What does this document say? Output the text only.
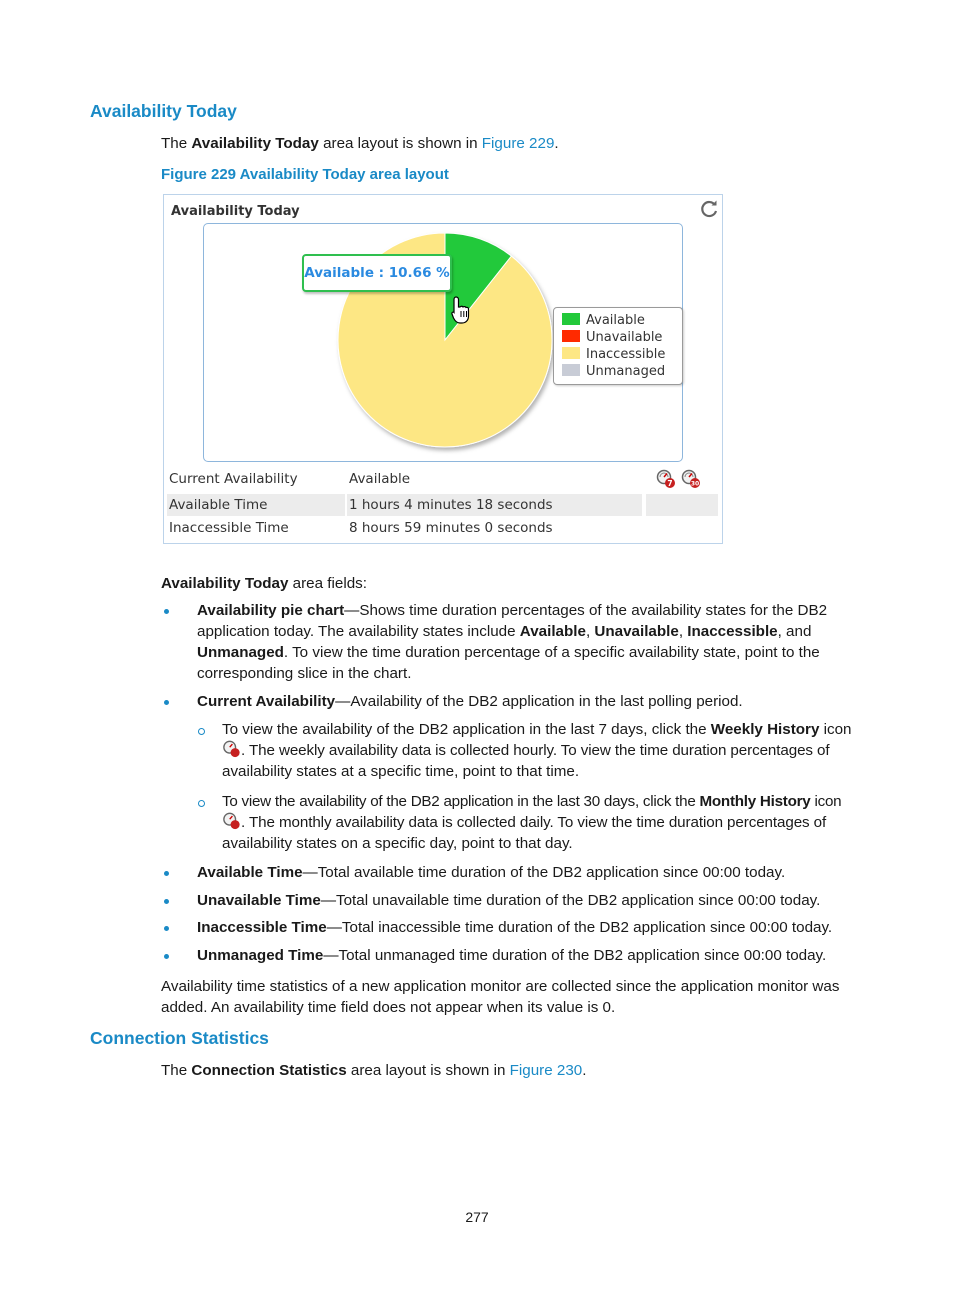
Availability Today

The Availability Today area layout is shown in Figure 229.

Figure 229 Availability Today area layout
Availability Today
Available : 10.66 %
Available
Unavailable
Inaccessible
Unmanaged
Current Availability	Available	7	30
Available Time	1 hours 4 minutes 18 seconds
Inaccessible Time	8 hours 59 minutes 0 seconds

Availability Today area fields:

Availability pie chart—Shows time duration percentages of the availability states for the DB2
application today. The availability states include Available, Unavailable, Inaccessible, and
Unmanaged. To view the time duration percentage of a specific availability state, point to the
corresponding slice in the chart.
Current Availability—Availability of the DB2 application in the last polling period.
To view the availability of the DB2 application in the last 7 days, click the Weekly History icon
. The weekly availability data is collected hourly. To view the time duration percentages of
availability states at a specific time, point to that time.
To view the availability of the DB2 application in the last 30 days, click the Monthly History icon
. The monthly availability data is collected daily. To view the time duration percentages of
availability states on a specific day, point to that day.
Available Time—Total available time duration of the DB2 application since 00:00 today.
Unavailable Time—Total unavailable time duration of the DB2 application since 00:00 today.
Inaccessible Time—Total inaccessible time duration of the DB2 application since 00:00 today.
Unmanaged Time—Total unmanaged time duration of the DB2 application since 00:00 today.
Availability time statistics of a new application monitor are collected since the application monitor was
added. An availability time field does not appear when its value is 0.
Connection Statistics

The Connection Statistics area layout is shown in Figure 230.

277
